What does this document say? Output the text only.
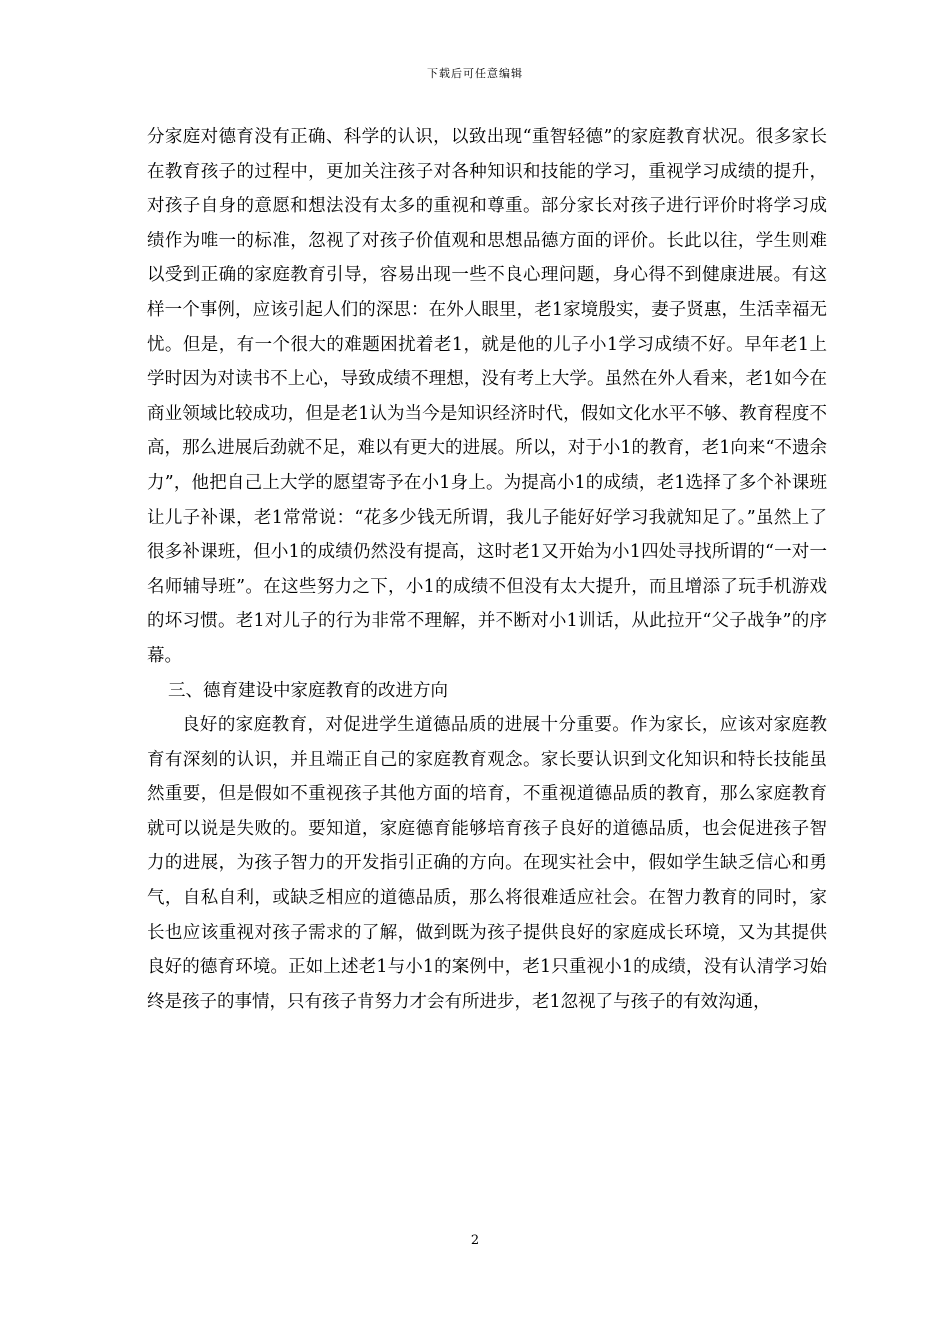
下载后可任意编辑

分家庭对德育没有正确、科学的认识，以致出现“重智轻德”的家庭教育状况。很多家长在教育孩子的过程中，更加关注孩子对各种知识和技能的学习，重视学习成绩的提升，对孩子自身的意愿和想法没有太多的重视和尊重。部分家长对孩子进行评价时将学习成绩作为唯一的标准，忽视了对孩子价值观和思想品德方面的评价。长此以往，学生则难以受到正确的家庭教育引导，容易出现一些不良心理问题，身心得不到健康进展。有这样一个事例，应该引起人们的深思：在外人眼里，老1家境殷实，妻子贤惠，生活幸福无忧。但是，有一个很大的难题困扰着老1，就是他的儿子小1学习成绩不好。早年老1上学时因为对读书不上心，导致成绩不理想，没有考上大学。虽然在外人看来，老1如今在商业领域比较成功，但是老1认为当今是知识经济时代，假如文化水平不够、教育程度不高，那么进展后劲就不足，难以有更大的进展。所以，对于小1的教育，老1向来“不遗余力”，他把自己上大学的愿望寄予在小1身上。为提高小1的成绩，老1选择了多个补课班让儿子补课，老1常常说：“花多少钱无所谓，我儿子能好好学习我就知足了。”虽然上了很多补课班，但小1的成绩仍然没有提高，这时老1又开始为小1四处寻找所谓的“一对一名师辅导班”。在这些努力之下，小1的成绩不但没有太大提升，而且增添了玩手机游戏的坏习惯。老1对儿子的行为非常不理解，并不断对小1训话，从此拉开“父子战争”的序幕。

三、德育建设中家庭教育的改进方向

良好的家庭教育，对促进学生道德品质的进展十分重要。作为家长，应该对家庭教育有深刻的认识，并且端正自己的家庭教育观念。家长要认识到文化知识和特长技能虽然重要，但是假如不重视孩子其他方面的培育，不重视道德品质的教育，那么家庭教育就可以说是失败的。要知道，家庭德育能够培育孩子良好的道德品质，也会促进孩子智力的进展，为孩子智力的开发指引正确的方向。在现实社会中，假如学生缺乏信心和勇气，自私自利，或缺乏相应的道德品质，那么将很难适应社会。在智力教育的同时，家长也应该重视对孩子需求的了解，做到既为孩子提供良好的家庭成长环境，又为其提供良好的德育环境。正如上述老1与小1的案例中，老1只重视小1的成绩，没有认清学习始终是孩子的事情，只有孩子肯努力才会有所进步，老1忽视了与孩子的有效沟通，

2
